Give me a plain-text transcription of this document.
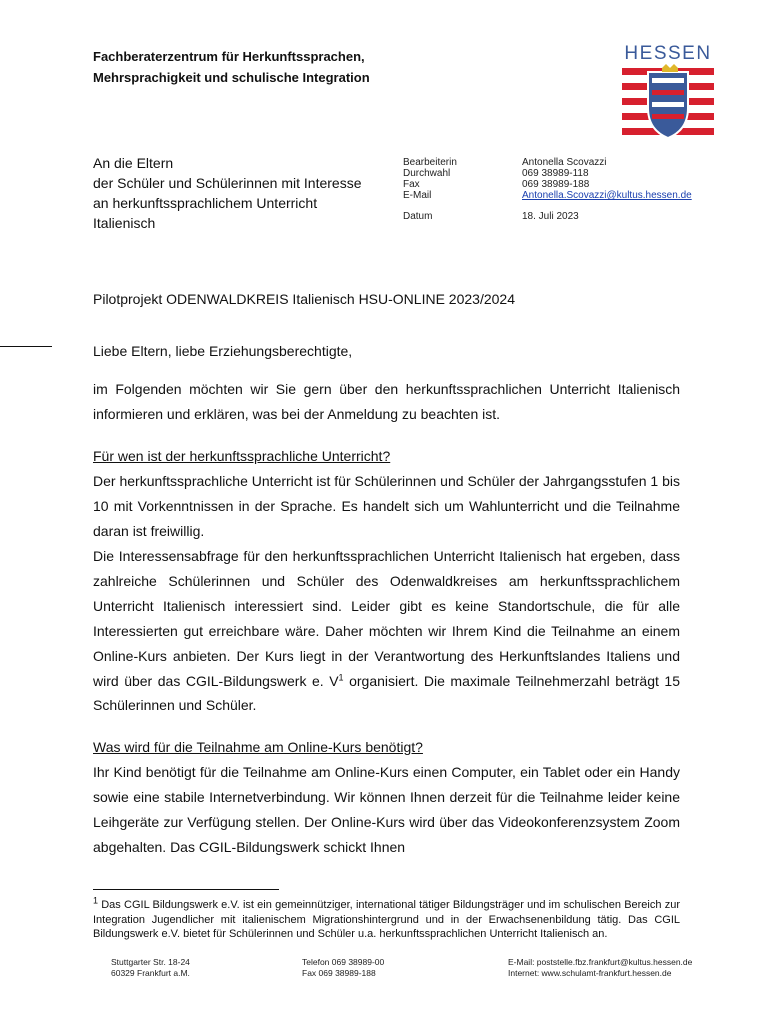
Fachberaterzentrum für Herkunftssprachen,
Mehrsprachigkeit und schulische Integration
HESSEN
An die Eltern
der Schüler und Schülerinnen mit Interesse
an herkunftssprachlichem Unterricht
Italienisch
Bearbeiterin
Durchwahl
Fax
E-Mail
Datum
Antonella Scovazzi
069 38989-118
069 38989-188
Antonella.Scovazzi@kultus.hessen.de
18. Juli 2023
Pilotprojekt ODENWALDKREIS Italienisch HSU-ONLINE 2023/2024
Liebe Eltern, liebe Erziehungsberechtigte,
im Folgenden möchten wir Sie gern über den herkunftssprachlichen Unterricht Italienisch informieren und erklären, was bei der Anmeldung zu beachten ist.
Für wen ist der herkunftssprachliche Unterricht?
Der herkunftssprachliche Unterricht ist für Schülerinnen und Schüler der Jahrgangsstufen 1 bis 10 mit Vorkenntnissen in der Sprache. Es handelt sich um Wahlunterricht und die Teilnahme daran ist freiwillig.
Die Interessensabfrage für den herkunftssprachlichen Unterricht Italienisch hat ergeben, dass zahlreiche Schülerinnen und Schüler des Odenwaldkreises am herkunftssprachlichem Unterricht Italienisch interessiert sind. Leider gibt es keine Standortschule, die für alle Interessierten gut erreichbare wäre. Daher möchten wir Ihrem Kind die Teilnahme an einem Online-Kurs anbieten. Der Kurs liegt in der Verantwortung des Herkunftslandes Italiens und wird über das CGIL-Bildungswerk e. $V^1$ organisiert. Die maximale Teilnehmerzahl beträgt 15 Schülerinnen und Schüler.
Was wird für die Teilnahme am Online-Kurs benötigt?
Ihr Kind benötigt für die Teilnahme am Online-Kurs einen Computer, ein Tablet oder ein Handy sowie eine stabile Internetverbindung. Wir können Ihnen derzeit für die Teilnahme leider keine Leihgeräte zur Verfügung stellen. Der Online-Kurs wird über das Videokonferenzsystem Zoom abgehalten. Das CGIL-Bildungswerk schickt Ihnen
$^1$ Das CGIL Bildungswerk e.V. ist ein gemeinnütziger, international tätiger Bildungsträger und im schulischen Bereich zur Integration Jugendlicher mit italienischem Migrationshintergrund und in der Erwachsenenbildung tätig. Das CGIL Bildungswerk e.V. bietet für Schülerinnen und Schüler u.a. herkunftssprachlichen Unterricht Italienisch an.
Stuttgarter Str. 18-24
60329 Frankfurt a.M.
Telefon 069 38989-00
Fax 069 38989-188
E-Mail: poststelle.fbz.frankfurt@kultus.hessen.de
Internet: www.schulamt-frankfurt.hessen.de
